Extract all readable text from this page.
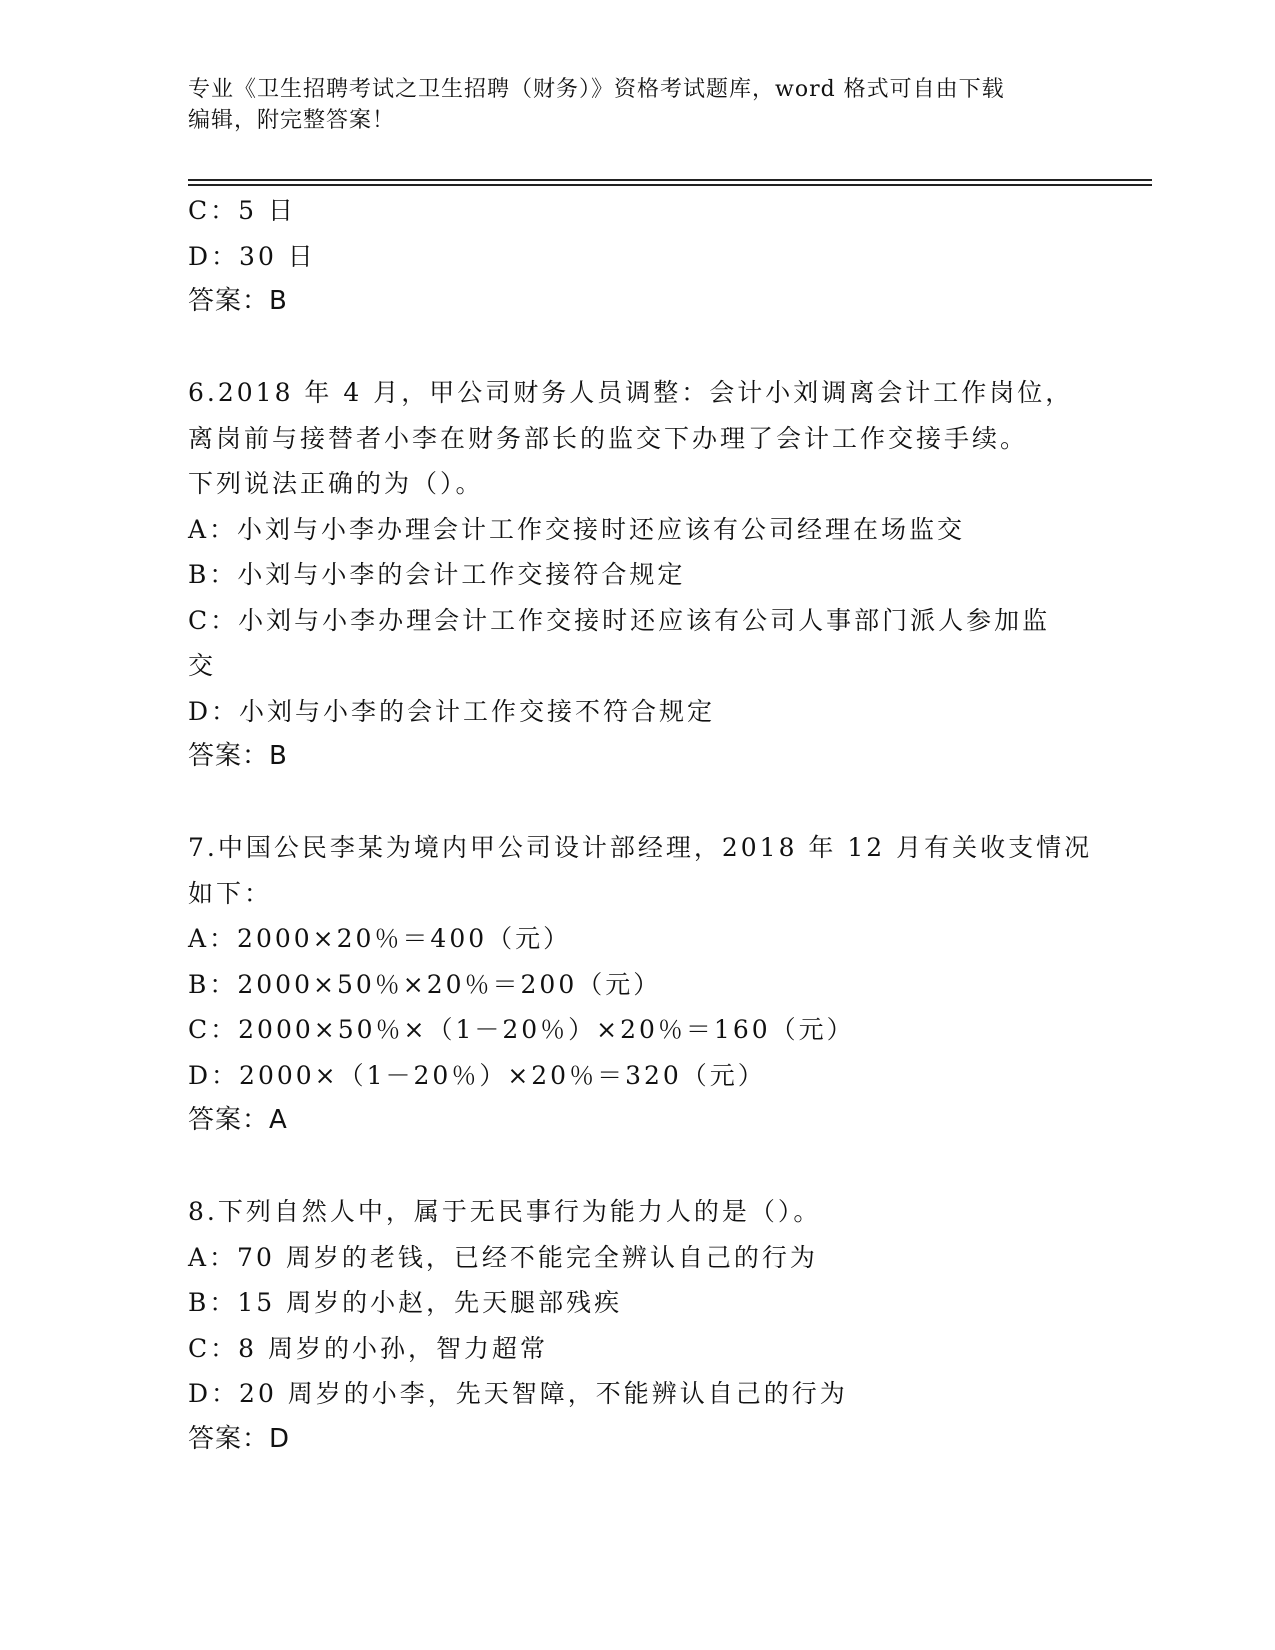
专业《卫生招聘考试之卫生招聘（财务）》资格考试题库，word 格式可自由下载
编辑，附完整答案！
C：5 日
D：30 日
答案：B
6.2018 年 4 月，甲公司财务人员调整：会计小刘调离会计工作岗位，
离岗前与接替者小李在财务部长的监交下办理了会计工作交接手续。
下列说法正确的为（）。
A：小刘与小李办理会计工作交接时还应该有公司经理在场监交
B：小刘与小李的会计工作交接符合规定
C：小刘与小李办理会计工作交接时还应该有公司人事部门派人参加监
交
D：小刘与小李的会计工作交接不符合规定
答案：B
7.中国公民李某为境内甲公司设计部经理，2018 年 12 月有关收支情况
如下：
A：2000×20％＝400（元）
B：2000×50％×20％＝200（元）
C：2000×50％×（1－20％）×20％＝160（元）
D：2000×（1－20％）×20％＝320（元）
答案：A
8.下列自然人中，属于无民事行为能力人的是（）。
A：70 周岁的老钱，已经不能完全辨认自己的行为
B：15 周岁的小赵，先天腿部残疾
C：8 周岁的小孙，智力超常
D：20 周岁的小李，先天智障，不能辨认自己的行为
答案：D
